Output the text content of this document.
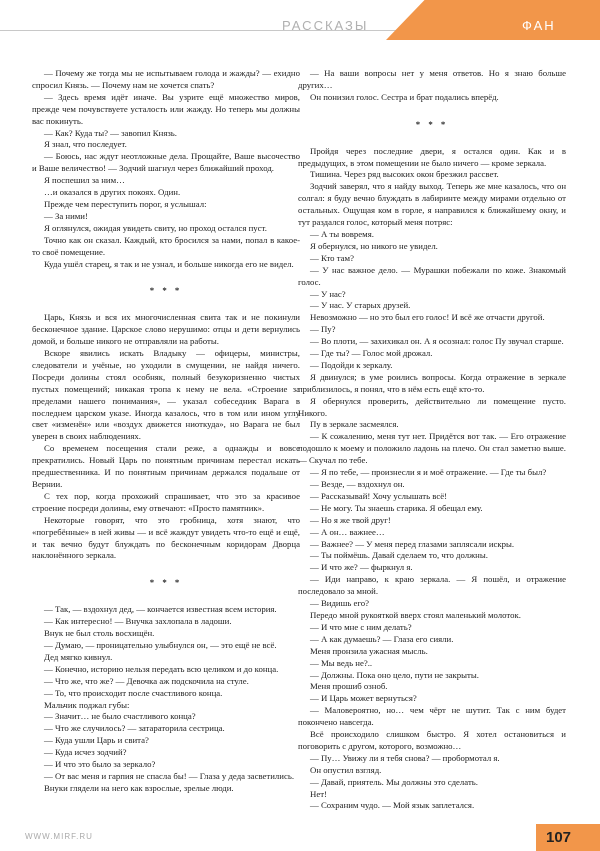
РАССКАЗЫ	ФАН

— Почему же тогда мы не испытываем голода и жажды? — ехидно спросил Князь. — Почему нам не хочется спать?

— Здесь время идёт иначе. Вы узрите ещё множество миров, прежде чем почувствуете усталость или жажду. Но теперь мы должны вас покинуть.

— Как? Куда ты? — завопил Князь.

Я знал, что последует.

— Боюсь, нас ждут неотложные дела. Прощайте, Ваше высочество и Ваше величество! — Зодчий шагнул через ближайший проход.

Я поспешил за ним…

…и оказался в других покоях. Один.

Прежде чем переступить порог, я услышал:

— За ними!

Я оглянулся, ожидая увидеть свиту, но проход остался пуст.

Точно как он сказал. Каждый, кто бросился за нами, попал в какое-то своё помещение.

Куда ушёл старец, я так и не узнал, и больше никогда его не видел.

* * *

Царь, Князь и вся их многочисленная свита так и не покинули бесконечное здание. Царское слово нерушимо: отцы и дети вернулись домой, и больше никого не отправляли на работы.

Вскоре явились искать Владыку — офицеры, министры, следователи и учёные, но уходили в смущении, не найдя ничего. Посреди долины стоял особняк, полный безукоризненно чистых пустых помещений; никакая тропа к нему не вела. «Строение за пределами нашего понимания», — указал собеседник Варага в последнем царском указе. Иногда казалось, что в том или ином углу свет «изменён» или «воздух движется ниоткуда», но Варага не был уверен в своих наблюдениях.

Со временем посещения стали реже, а однажды и вовсе прекратились. Новый Царь по понятным причинам перестал искать предшественника. И по понятным причинам держался подальше от Вернии.

С тех пор, когда прохожий спрашивает, что это за красивое строение посреди долины, ему отвечают: «Просто памятник».

Некоторые говорят, что это гробница, хотя знают, что «погребённые» в ней живы — и всё жаждут увидеть что-то ещё и ещё, и так вечно будут блуждать по бесконечным коридорам Дворца наклонённого зеркала.

* * *

— Так, — вздохнул дед, — кончается известная всем история.

— Как интересно! — Внучка захлопала в ладоши.

Внук не был столь восхищён.

— Думаю, — проницательно улыбнулся он, — это ещё не всё.

Дед мягко кивнул.

— Конечно, историю нельзя передать всю целиком и до конца.

— Что же, что же? — Девочка аж подскочила на стуле.

— То, что происходит после счастливого конца.

Мальчик поджал губы:

— Значит… не было счастливого конца?

— Что же случилось? — затараторила сестрица.

— Куда ушли Царь и свита?

— Куда исчез зодчий?

— И что это было за зеркало?

— От вас меня и гарпия не спасла бы! — Глаза у деда засветились.

Внуки глядели на него как взрослые, зрелые люди.

— На ваши вопросы нет у меня ответов. Но я знаю больше других…

Он понизил голос. Сестра и брат подались вперёд.

* * *

Пройдя через последние двери, я остался один. Как и в предыдущих, в этом помещении не было ничего — кроме зеркала.

Тишина. Через ряд высоких окон брезжил рассвет.

Зодчий заверял, что я найду выход. Теперь же мне казалось, что он солгал: я буду вечно блуждать в лабиринте между мирами отдельно от остальных. Ощущая ком в горле, я направился к ближайшему окну, и тут раздался голос, который меня потряс:

— А ты вовремя.

Я обернулся, но никого не увидел.

— Кто там?

— У нас важное дело. — Мурашки побежали по коже. Знакомый голос.

— У нас?

— У нас. У старых друзей.

Невозможно — но это был его голос! И всё же отчасти другой.

— Пу?

— Во плоти, — захихикал он. А я осознал: голос Пу звучал старше.

— Где ты? — Голос мой дрожал.

— Подойди к зеркалу.

Я двинулся; в уме роились вопросы. Когда отражение в зеркале приблизилось, я понял, что в нём есть ещё кто-то.

Я обернулся проверить, действительно ли помещение пусто. Никого.

Пу в зеркале засмеялся.

— К сожалению, меня тут нет. Придётся вот так. — Его отражение подошло к моему и положило ладонь на плечо. Он стал заметно выше. — Скучал по тебе.

— Я по тебе, — произнесли я и моё отражение. — Где ты был?

— Везде, — вздохнул он.

— Рассказывай! Хочу услышать всё!

— Не могу. Ты знаешь старика. Я обещал ему.

— Но я же твой друг!

— А он… важнее…

— Важнее? — У меня перед глазами заплясали искры.

— Ты поймёшь. Давай сделаем то, что должны.

— И что же? — фыркнул я.

— Иди направо, к краю зеркала. — Я пошёл, и отражение последовало за мной.

— Видишь его?

Передо мной рукояткой вверх стоял маленький молоток.

— И что мне с ним делать?

— А как думаешь? — Глаза его сияли.

Меня пронзила ужасная мысль.

— Мы ведь не?..

— Должны. Пока оно цело, пути не закрыты.

Меня прошиб озноб.

— И Царь может вернуться?

— Маловероятно, но… чем чёрт не шутит. Так с ним будет покончено навсегда.

Всё происходило слишком быстро. Я хотел остановиться и поговорить с другом, которого, возможно…

— Пу… Увижу ли я тебя снова? — пробормотал я.

Он опустил взгляд.

— Давай, приятель. Мы должны это сделать.

Нет!

— Сохраним чудо. — Мой язык заплетался.

WWW.MIRF.RU	107
